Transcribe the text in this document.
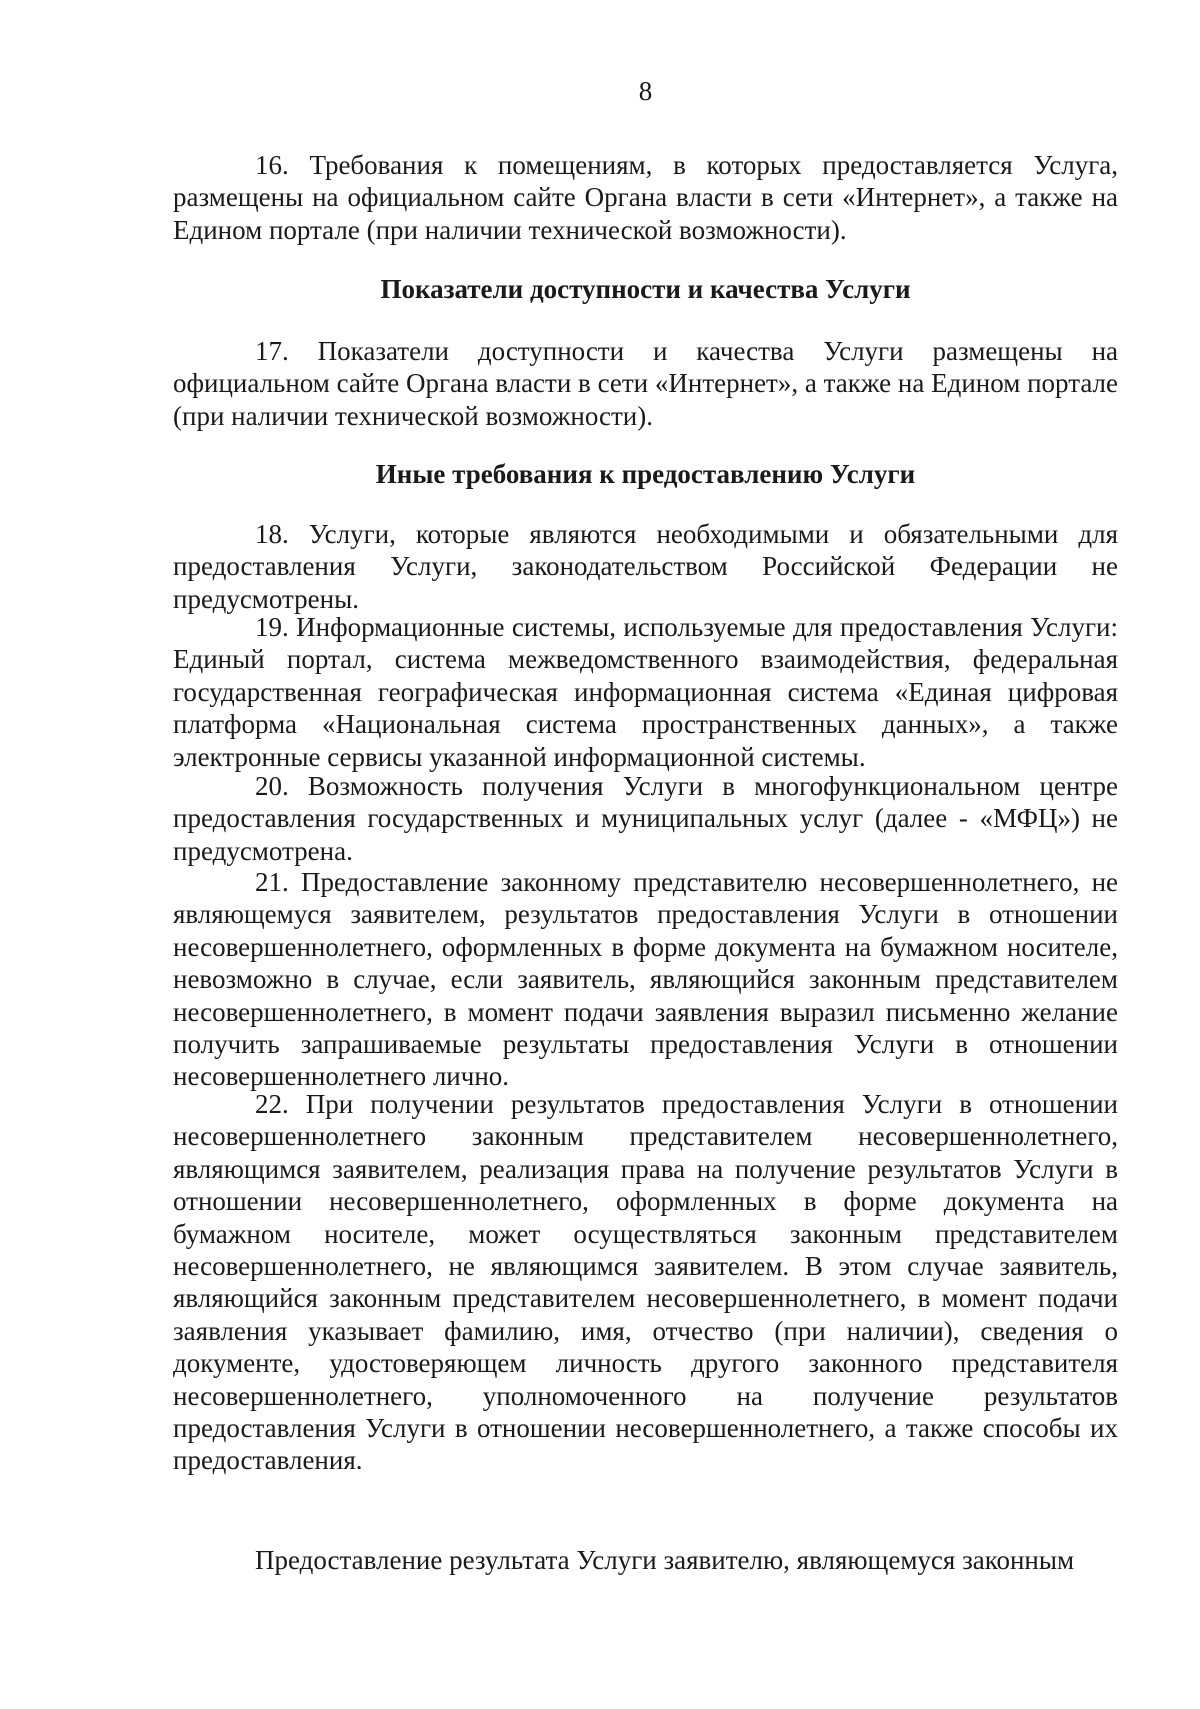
8
16. Требования к помещениям, в которых предоставляется Услуга, размещены на официальном сайте Органа власти в сети «Интернет», а также на Едином портале (при наличии технической возможности).
Показатели доступности и качества Услуги
17. Показатели доступности и качества Услуги размещены на официальном сайте Органа власти в сети «Интернет», а также на Едином портале (при наличии технической возможности).
Иные требования к предоставлению Услуги
18. Услуги, которые являются необходимыми и обязательными для предоставления Услуги, законодательством Российской Федерации не предусмотрены.
19. Информационные системы, используемые для предоставления Услуги: Единый портал, система межведомственного взаимодействия, федеральная государственная географическая информационная система «Единая цифровая платформа «Национальная система пространственных данных», а также электронные сервисы указанной информационной системы.
20. Возможность получения Услуги в многофункциональном центре предоставления государственных и муниципальных услуг (далее - «МФЦ») не предусмотрена.
21. Предоставление законному представителю несовершеннолетнего, не являющемуся заявителем, результатов предоставления Услуги в отношении несовершеннолетнего, оформленных в форме документа на бумажном носителе, невозможно в случае, если заявитель, являющийся законным представителем несовершеннолетнего, в момент подачи заявления выразил письменно желание получить запрашиваемые результаты предоставления Услуги в отношении несовершеннолетнего лично.
22. При получении результатов предоставления Услуги в отношении несовершеннолетнего законным представителем несовершеннолетнего, являющимся заявителем, реализация права на получение результатов Услуги в отношении несовершеннолетнего, оформленных в форме документа на бумажном носителе, может осуществляться законным представителем несовершеннолетнего, не являющимся заявителем. В этом случае заявитель, являющийся законным представителем несовершеннолетнего, в момент подачи заявления указывает фамилию, имя, отчество (при наличии), сведения о документе, удостоверяющем личность другого законного представителя несовершеннолетнего, уполномоченного на получение результатов предоставления Услуги в отношении несовершеннолетнего, а также способы их предоставления.
Предоставление результата Услуги заявителю, являющемуся законным
